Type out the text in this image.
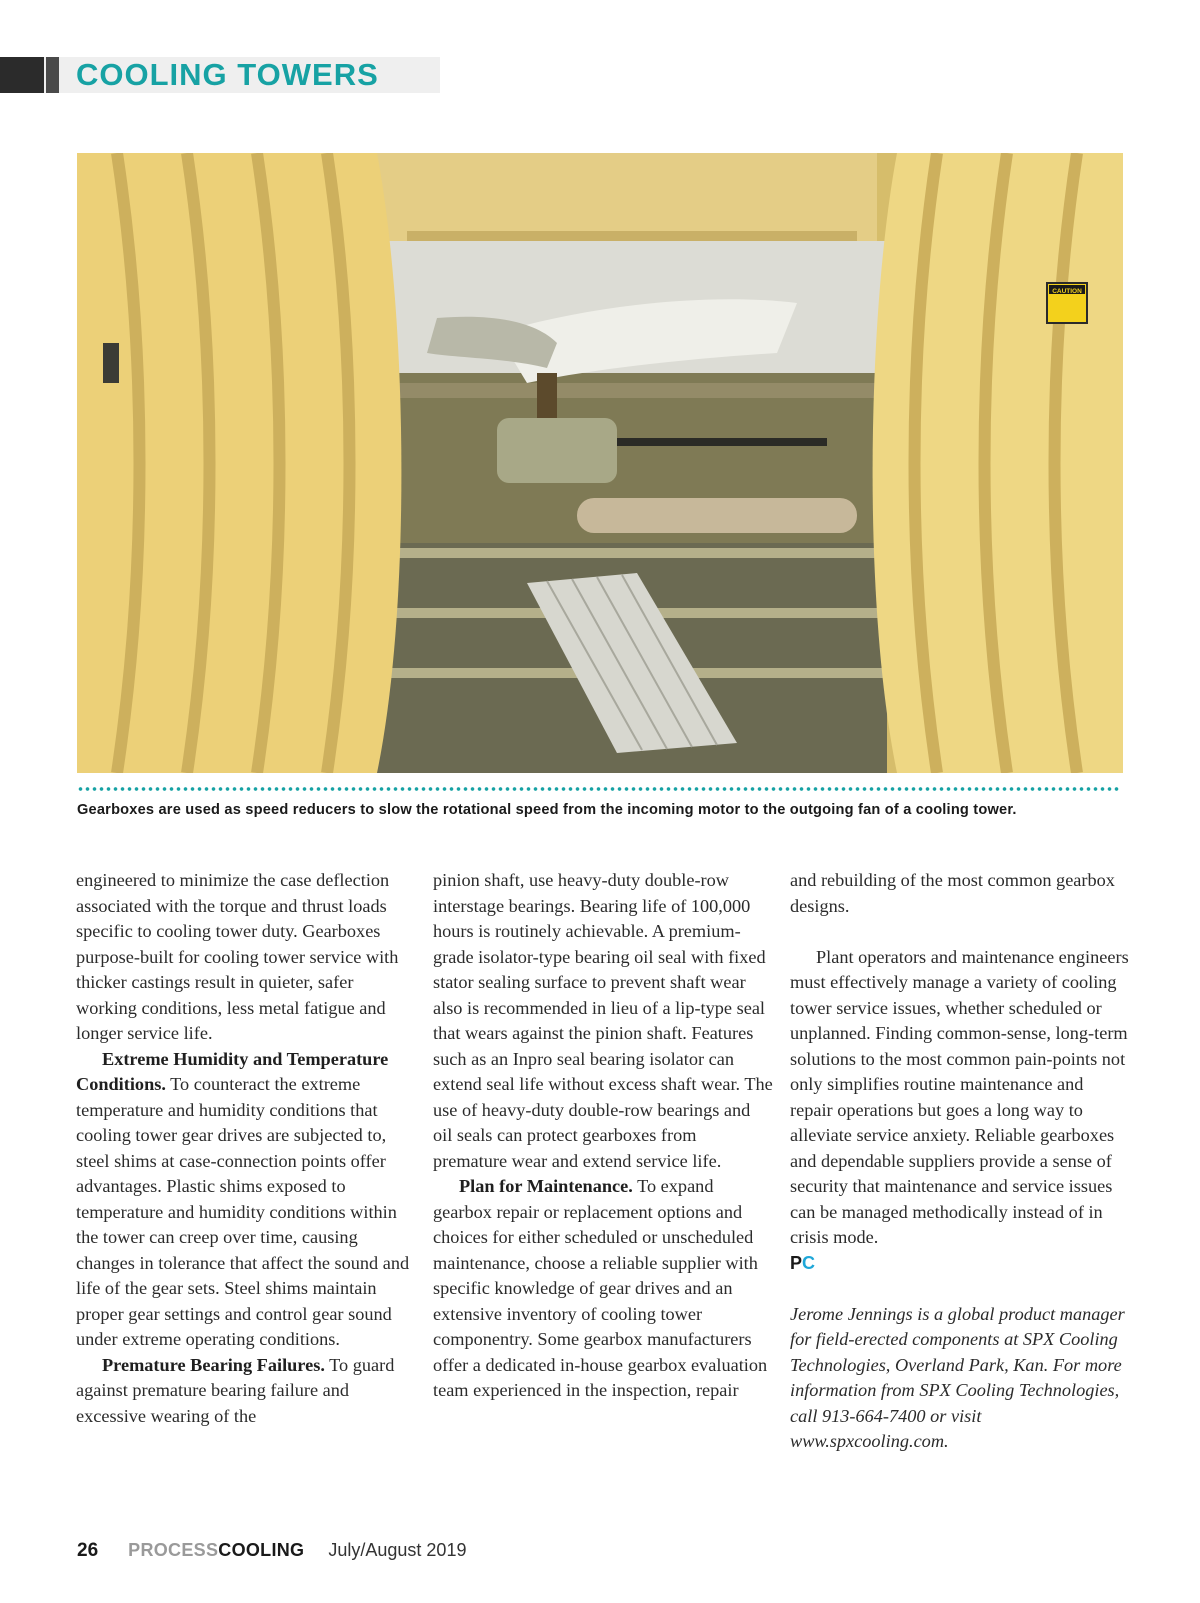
COOLING TOWERS
CAUTION
Gearboxes are used as speed reducers to slow the rotational speed from the incoming motor to the outgoing fan of a cooling tower.

engineered to minimize the case deflection associated with the torque and thrust loads specific to cooling tower duty. Gearboxes purpose-built for cooling tower service with thicker castings result in quieter, safer working conditions, less metal fatigue and longer service life.

Extreme Humidity and Temperature Conditions. To counteract the extreme temperature and humidity conditions that cooling tower gear drives are subjected to, steel shims at case-connection points offer advantages. Plastic shims exposed to temperature and humidity conditions within the tower can creep over time, causing changes in tolerance that affect the sound and life of the gear sets. Steel shims maintain proper gear settings and control gear sound under extreme operating conditions.

Premature Bearing Failures. To guard against premature bearing failure and excessive wearing of the

pinion shaft, use heavy-duty double-row interstage bearings. Bearing life of 100,000 hours is routinely achievable. A premium-grade isolator-type bearing oil seal with fixed stator sealing surface to prevent shaft wear also is recommended in lieu of a lip-type seal that wears against the pinion shaft. Features such as an Inpro seal bearing isolator can extend seal life without excess shaft wear. The use of heavy-duty double-row bearings and oil seals can protect gearboxes from premature wear and extend service life.

Plan for Maintenance. To expand gearbox repair or replacement options and choices for either scheduled or unscheduled maintenance, choose a reliable supplier with specific knowledge of gear drives and an extensive inventory of cooling tower componentry. Some gearbox manufacturers offer a dedicated in-house gearbox evaluation team experienced in the inspection, repair

and rebuilding of the most common gearbox designs.

Plant operators and maintenance engineers must effectively manage a variety of cooling tower service issues, whether scheduled or unplanned. Finding common-sense, long-term solutions to the most common pain-points not only simplifies routine maintenance and repair operations but goes a long way to alleviate service anxiety. Reliable gearboxes and dependable suppliers provide a sense of security that maintenance and service issues can be managed methodically instead of in crisis mode.

PC

Jerome Jennings is a global product manager for field-erected components at SPX Cooling Technologies, Overland Park, Kan. For more information from SPX Cooling Technologies, call 913-664-7400 or visit www.spxcooling.com.

26 PROCESSCOOLING July/August 2019
